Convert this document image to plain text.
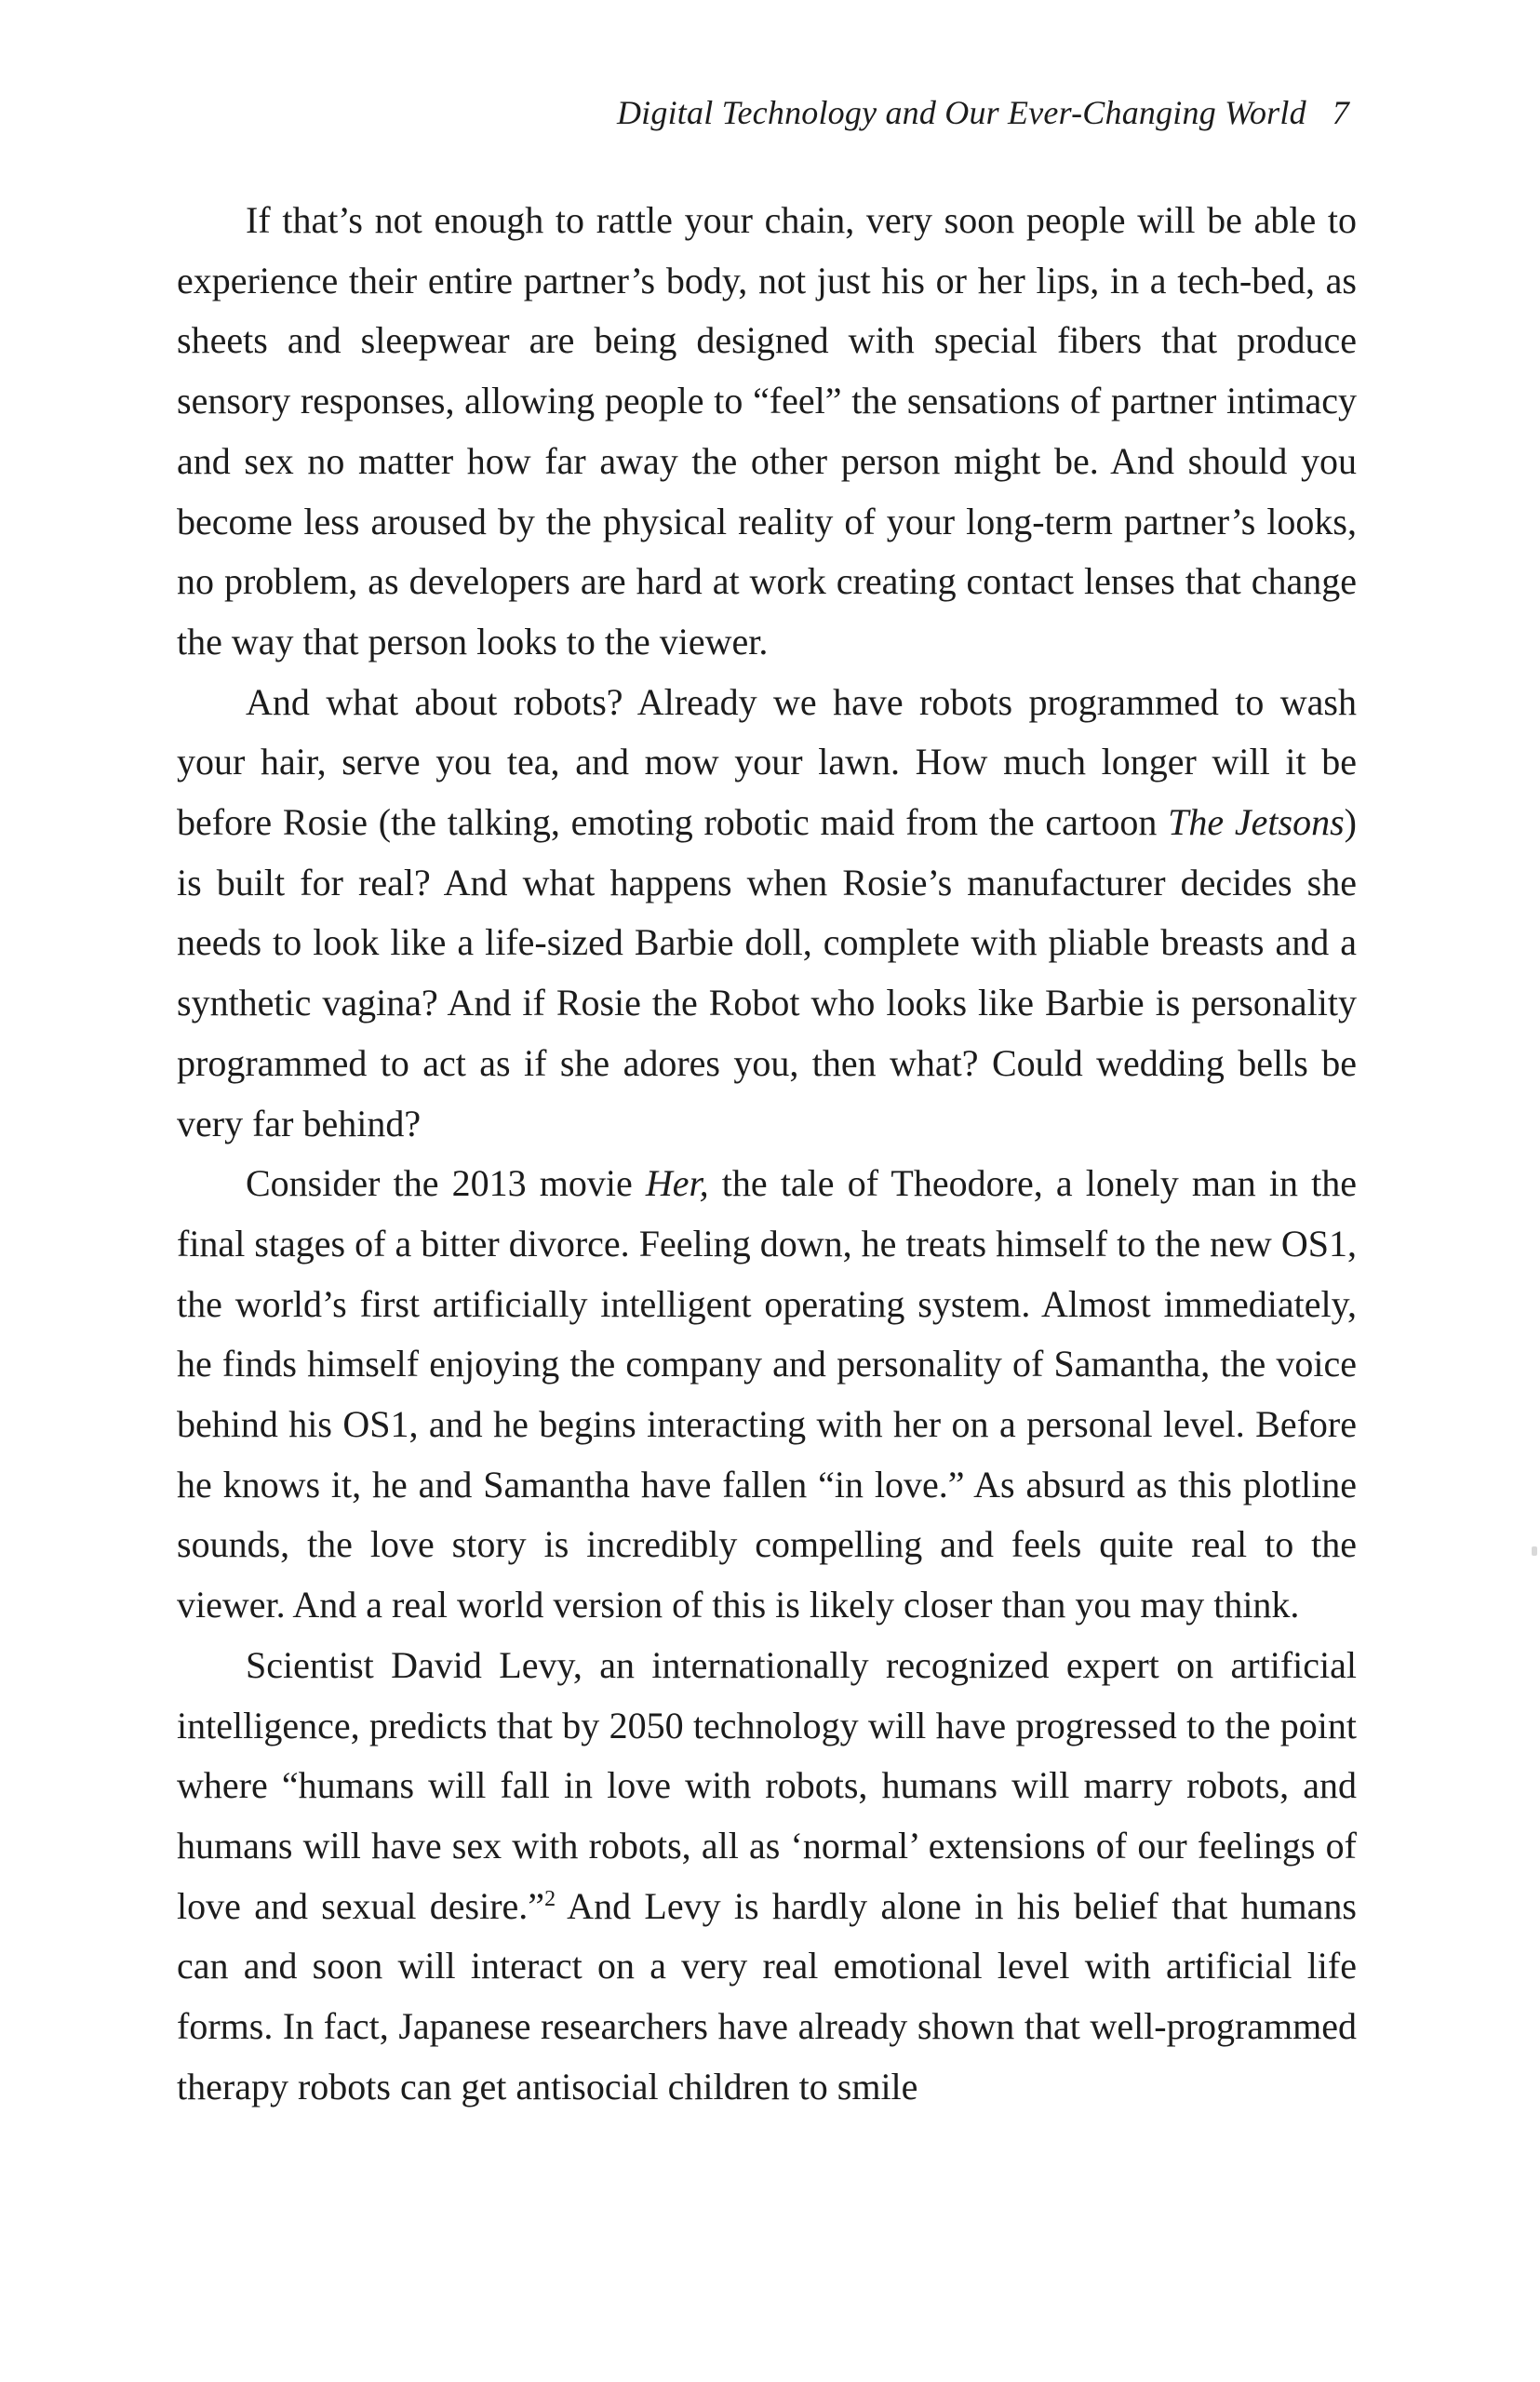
Digital Technology and Our Ever-Changing World 7

If that’s not enough to rattle your chain, very soon people will be able to experience their entire partner’s body, not just his or her lips, in a tech-bed, as sheets and sleepwear are being designed with special fibers that produce sensory responses, allowing people to “feel” the sensations of partner intimacy and sex no matter how far away the other person might be. And should you become less aroused by the physical reality of your long-term partner’s looks, no problem, as developers are hard at work creating contact lenses that change the way that person looks to the viewer.

And what about robots? Already we have robots programmed to wash your hair, serve you tea, and mow your lawn. How much longer will it be before Rosie (the talking, emoting robotic maid from the cartoon The Jetsons) is built for real? And what happens when Rosie’s manufacturer decides she needs to look like a life-sized Barbie doll, complete with pliable breasts and a synthetic vagina? And if Rosie the Robot who looks like Barbie is personality programmed to act as if she adores you, then what? Could wedding bells be very far behind?

Consider the 2013 movie Her, the tale of Theodore, a lonely man in the final stages of a bitter divorce. Feeling down, he treats himself to the new OS1, the world’s first artificially intelligent operating system. Almost immediately, he finds himself enjoying the company and personality of Samantha, the voice behind his OS1, and he begins interacting with her on a personal level. Before he knows it, he and Samantha have fallen “in love.” As absurd as this plotline sounds, the love story is incredibly compelling and feels quite real to the viewer. And a real world version of this is likely closer than you may think.

Scientist David Levy, an internationally recognized expert on artificial intelligence, predicts that by 2050 technology will have progressed to the point where “humans will fall in love with robots, humans will marry robots, and humans will have sex with robots, all as ‘normal’ extensions of our feelings of love and sexual desire.”$^2$ And Levy is hardly alone in his belief that humans can and soon will interact on a very real emotional level with artificial life forms. In fact, Japanese researchers have already shown that well-programmed therapy robots can get antisocial children to smile
